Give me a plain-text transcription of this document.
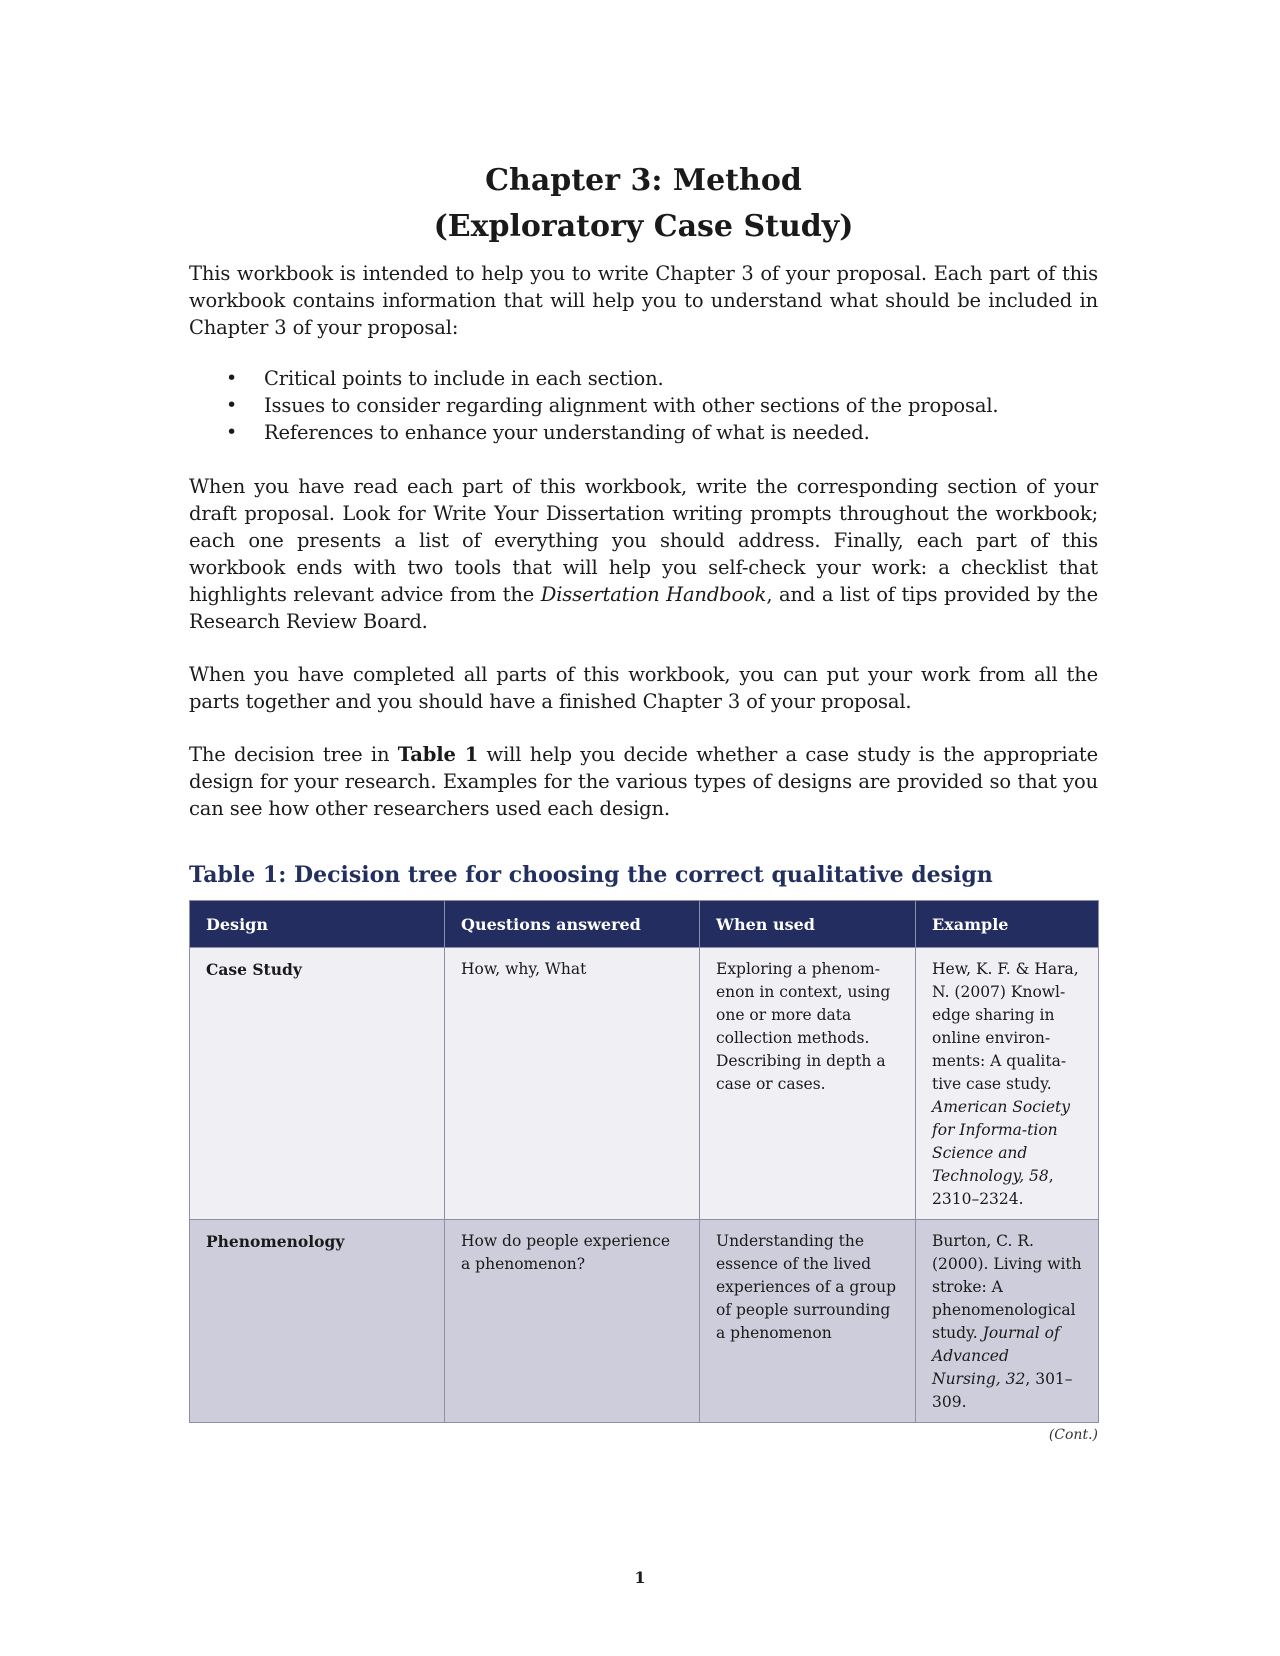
Chapter 3: Method
(Exploratory Case Study)

This workbook is intended to help you to write Chapter 3 of your proposal. Each part of this workbook contains information that will help you to understand what should be included in Chapter 3 of your proposal:

• Critical points to include in each section.
• Issues to consider regarding alignment with other sections of the proposal.
• References to enhance your understanding of what is needed.

When you have read each part of this workbook, write the corresponding section of your draft proposal. Look for Write Your Dissertation writing prompts throughout the workbook; each one presents a list of everything you should address. Finally, each part of this workbook ends with two tools that will help you self-check your work: a checklist that highlights relevant advice from the Dissertation Handbook, and a list of tips provided by the Research Review Board.

When you have completed all parts of this workbook, you can put your work from all the parts together and you should have a finished Chapter 3 of your proposal.

The decision tree in Table 1 will help you decide whether a case study is the appropriate design for your research. Examples for the various types of designs are provided so that you can see how other researchers used each design.

Table 1: Decision tree for choosing the correct qualitative design

Design	Questions answered	When used	Example
Case Study	How, why, What	Exploring a phenom-enon in context, using one or more data collection methods. Describing in depth a case or cases.	Hew, K. F. & Hara, N. (2007) Knowl-edge sharing in online environ-ments: A qualita-tive case study. American Society for Informa-tion Science and Technology, 58, 2310–2324.
Phenomenology	How do people experience a phenomenon?	Understanding the essence of the lived experiences of a group of people surrounding a phenomenon	Burton, C. R. (2000). Living with stroke: A phenomenological study. Journal of Advanced Nursing, 32, 301–309.
(Cont.)
1
